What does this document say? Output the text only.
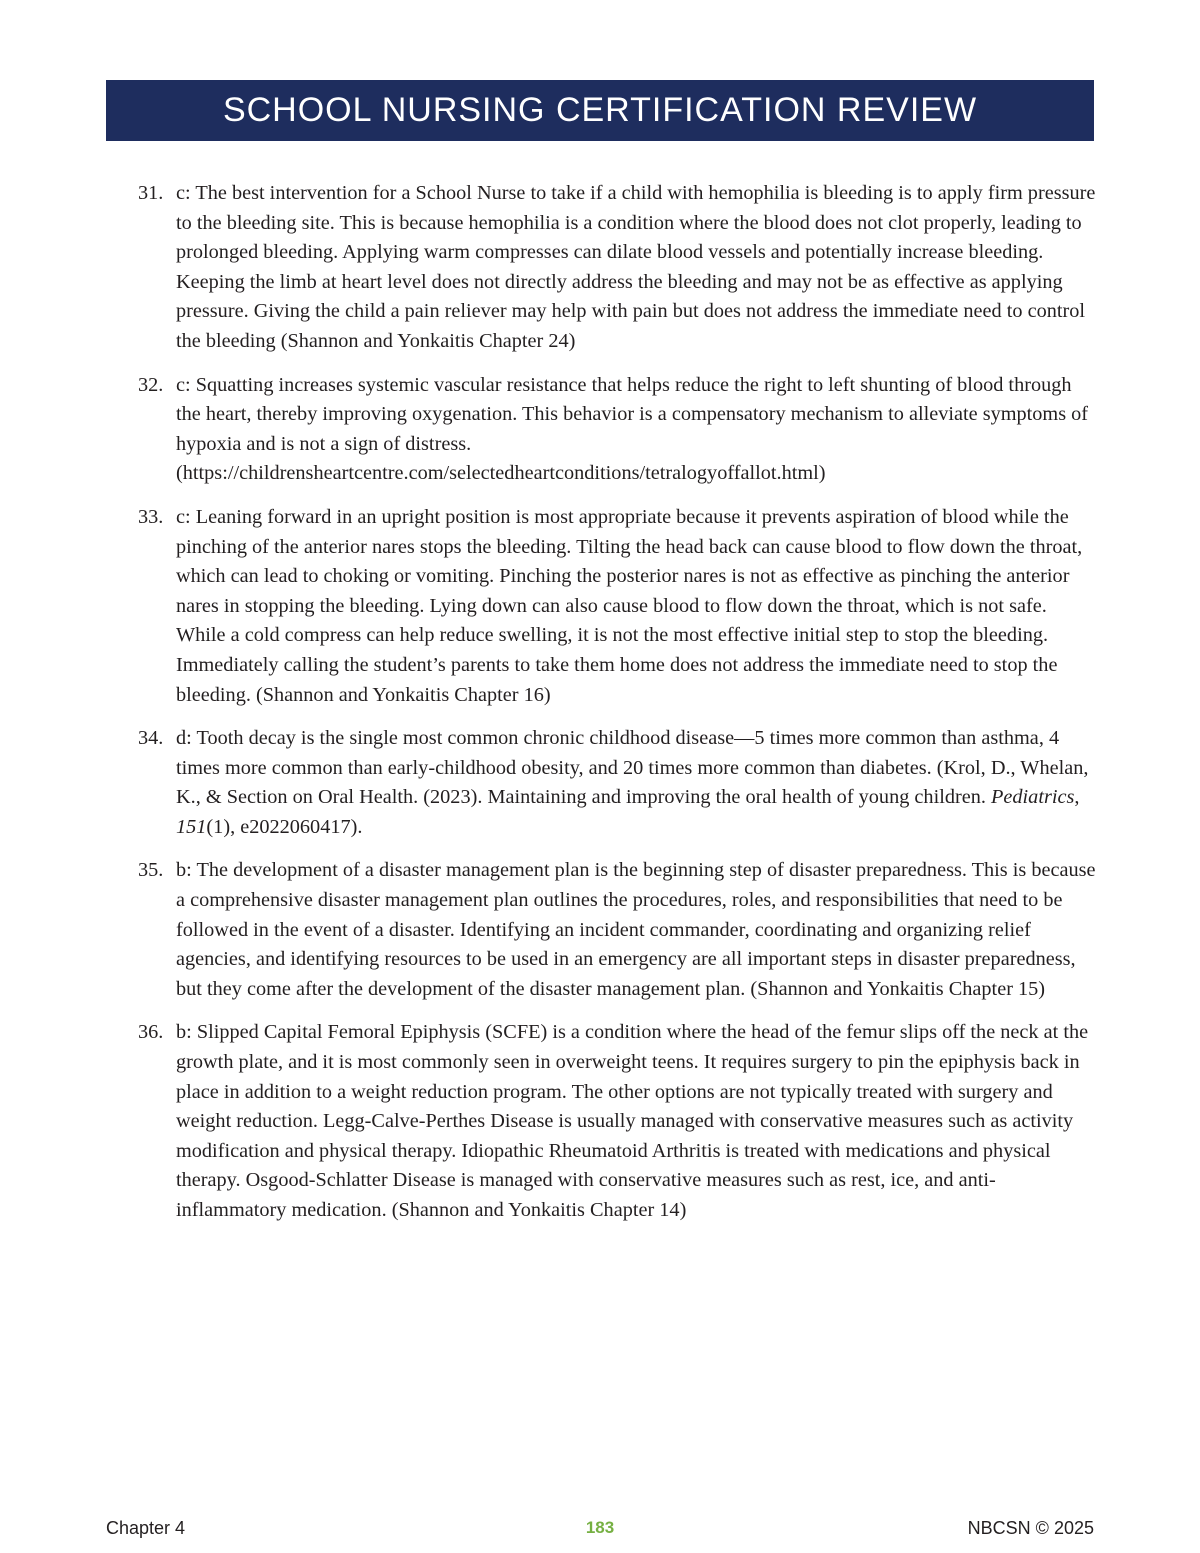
SCHOOL NURSING CERTIFICATION REVIEW
31. c: The best intervention for a School Nurse to take if a child with hemophilia is bleeding is to apply firm pressure to the bleeding site. This is because hemophilia is a condition where the blood does not clot properly, leading to prolonged bleeding. Applying warm compresses can dilate blood vessels and potentially increase bleeding. Keeping the limb at heart level does not directly address the bleeding and may not be as effective as applying pressure. Giving the child a pain reliever may help with pain but does not address the immediate need to control the bleeding (Shannon and Yonkaitis Chapter 24)
32. c: Squatting increases systemic vascular resistance that helps reduce the right to left shunting of blood through the heart, thereby improving oxygenation. This behavior is a compensatory mechanism to alleviate symptoms of hypoxia and is not a sign of distress. (https://childrensheartcentre.com/selectedheartconditions/tetralogyoffallot.html)
33. c: Leaning forward in an upright position is most appropriate because it prevents aspiration of blood while the pinching of the anterior nares stops the bleeding. Tilting the head back can cause blood to flow down the throat, which can lead to choking or vomiting. Pinching the posterior nares is not as effective as pinching the anterior nares in stopping the bleeding. Lying down can also cause blood to flow down the throat, which is not safe. While a cold compress can help reduce swelling, it is not the most effective initial step to stop the bleeding. Immediately calling the student’s parents to take them home does not address the immediate need to stop the bleeding. (Shannon and Yonkaitis Chapter 16)
34. d: Tooth decay is the single most common chronic childhood disease—5 times more common than asthma, 4 times more common than early-childhood obesity, and 20 times more common than diabetes. (Krol, D., Whelan, K., & Section on Oral Health. (2023). Maintaining and improving the oral health of young children. Pediatrics, 151(1), e2022060417).
35. b: The development of a disaster management plan is the beginning step of disaster preparedness. This is because a comprehensive disaster management plan outlines the procedures, roles, and responsibilities that need to be followed in the event of a disaster. Identifying an incident commander, coordinating and organizing relief agencies, and identifying resources to be used in an emergency are all important steps in disaster preparedness, but they come after the development of the disaster management plan. (Shannon and Yonkaitis Chapter 15)
36. b: Slipped Capital Femoral Epiphysis (SCFE) is a condition where the head of the femur slips off the neck at the growth plate, and it is most commonly seen in overweight teens. It requires surgery to pin the epiphysis back in place in addition to a weight reduction program. The other options are not typically treated with surgery and weight reduction. Legg-Calve-Perthes Disease is usually managed with conservative measures such as activity modification and physical therapy. Idiopathic Rheumatoid Arthritis is treated with medications and physical therapy. Osgood-Schlatter Disease is managed with conservative measures such as rest, ice, and anti-inflammatory medication. (Shannon and Yonkaitis Chapter 14)
Chapter 4	183	NBCSN © 2025
